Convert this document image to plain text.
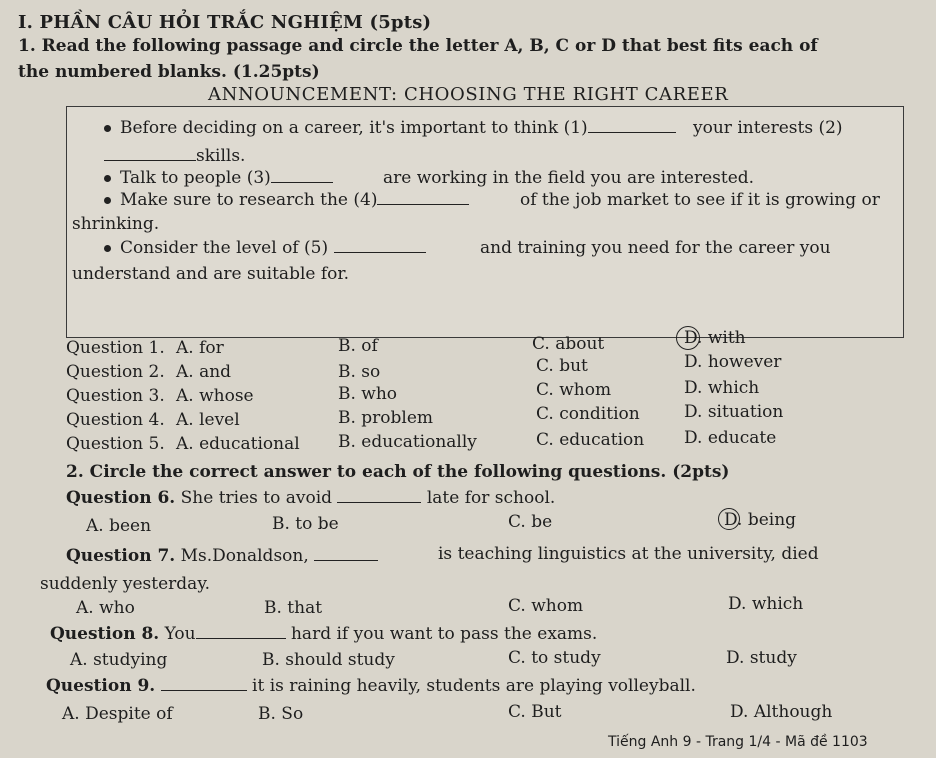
I. PHẦN CÂU HỎI TRẮC NGHIỆM (5pts)
1. Read the following passage and circle the letter A, B, C or D that best fits each of
the numbered blanks. (1.25pts)
ANNOUNCEMENT: CHOOSING THE RIGHT CAREER
Before deciding on a career, it's important to think (1)	your interests (2)
skills.
Talk to people (3)	are working in the field you are interested.
Make sure to research the (4)	of the job market to see if it is growing or
shrinking.
Consider the level of (5)	and training you need for the career you
understand and are suitable for.
Question 1. A. for	B. of	C. about	D. with
Question 2. A. and	B. so	C. but	D. however
Question 3. A. whose	B. who	C. whom	D. which
Question 4. A. level	B. problem	C. condition	D. situation
Question 5. A. educational B. educationally	C. education D. educate
2. Circle the correct answer to each of the following questions. (2pts)
Question 6. She tries to avoid	late for school.
A. been	B. to be	C. be	D. being
Question 7. Ms.Donaldson,	is teaching linguistics at the university, died
suddenly yesterday.
A. who	B. that	C. whom	D. which
Question 8. You	hard if you want to pass the exams.
A. studying	B. should study	C. to study	D. study
Question 9.	it is raining heavily, students are playing volleyball.
A. Despite of	B. So	C. But	D. Although
Tiếng Anh 9 - Trang 1/4 - Mã đề 1103
